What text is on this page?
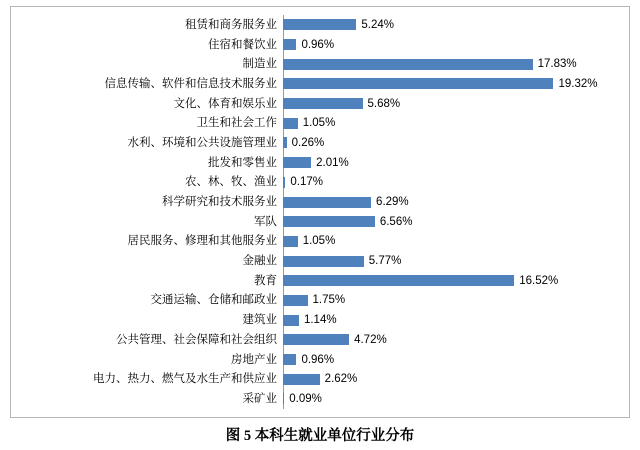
租赁和商务服务业	5.24%
住宿和餐饮业 0.96%
制造业	17.83%
信息传输、软件和信息技术服务业	19.32%
文化、体育和娱乐业	5.68%
卫生和社会工作 1.05%
水利、环境和公共设施管理业 0.26%
批发和零售业	2.01%
农、林、牧、渔业 0.17%
科学研究和技术服务业	6.29%
军队	6.56%
居民服务、修理和其他服务业 1.05%
金融业	5.77%
教育	16.52%
交通运输、仓储和邮政业	1.75%
建筑业 1.14%
公共管理、社会保障和社会组织	4.72%
房地产业 0.96%
电力、热力、燃气及水生产和供应业	2.62%
采矿业 0.09%
图 5 本科生就业单位行业分布
